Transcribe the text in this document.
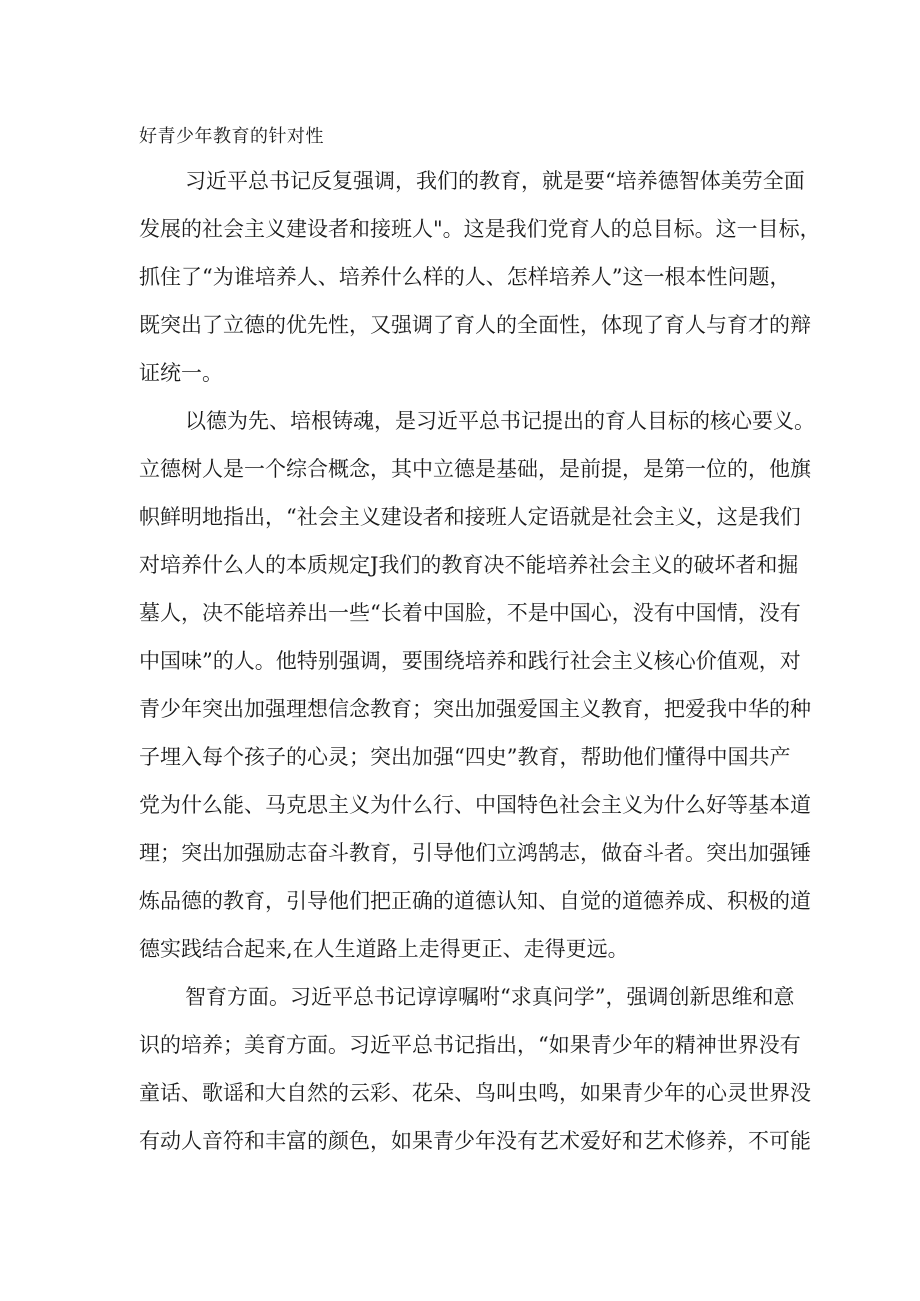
好青少年教育的针对性
习近平总书记反复强调，我们的教育，就是要“培养德智体美劳全面
发展的社会主义建设者和接班人"。这是我们党育人的总目标。这一目标，
抓住了“为谁培养人、培养什么样的人、怎样培养人”这一根本性问题，
既突出了立德的优先性，又强调了育人的全面性，体现了育人与育才的辩
证统一。
以德为先、培根铸魂，是习近平总书记提出的育人目标的核心要义。
立德树人是一个综合概念，其中立德是基础，是前提，是第一位的，他旗
帜鲜明地指出，“社会主义建设者和接班人定语就是社会主义，这是我们
对培养什么人的本质规定J我们的教育决不能培养社会主义的破坏者和掘
墓人，决不能培养出一些“长着中国脸，不是中国心，没有中国情，没有
中国味”的人。他特别强调，要围绕培养和践行社会主义核心价值观，对
青少年突出加强理想信念教育；突出加强爱国主义教育，把爱我中华的种
子埋入每个孩子的心灵；突出加强“四史”教育，帮助他们懂得中国共产
党为什么能、马克思主义为什么行、中国特色社会主义为什么好等基本道
理；突出加强励志奋斗教育，引导他们立鸿鹄志，做奋斗者。突出加强锤
炼品德的教育，引导他们把正确的道德认知、自觉的道德养成、积极的道
德实践结合起来,在人生道路上走得更正、走得更远。
智育方面。习近平总书记谆谆嘱咐“求真问学”，强调创新思维和意
识的培养；美育方面。习近平总书记指出，“如果青少年的精神世界没有
童话、歌谣和大自然的云彩、花朵、鸟叫虫鸣，如果青少年的心灵世界没
有动人音符和丰富的颜色，如果青少年没有艺术爱好和艺术修养，不可能
